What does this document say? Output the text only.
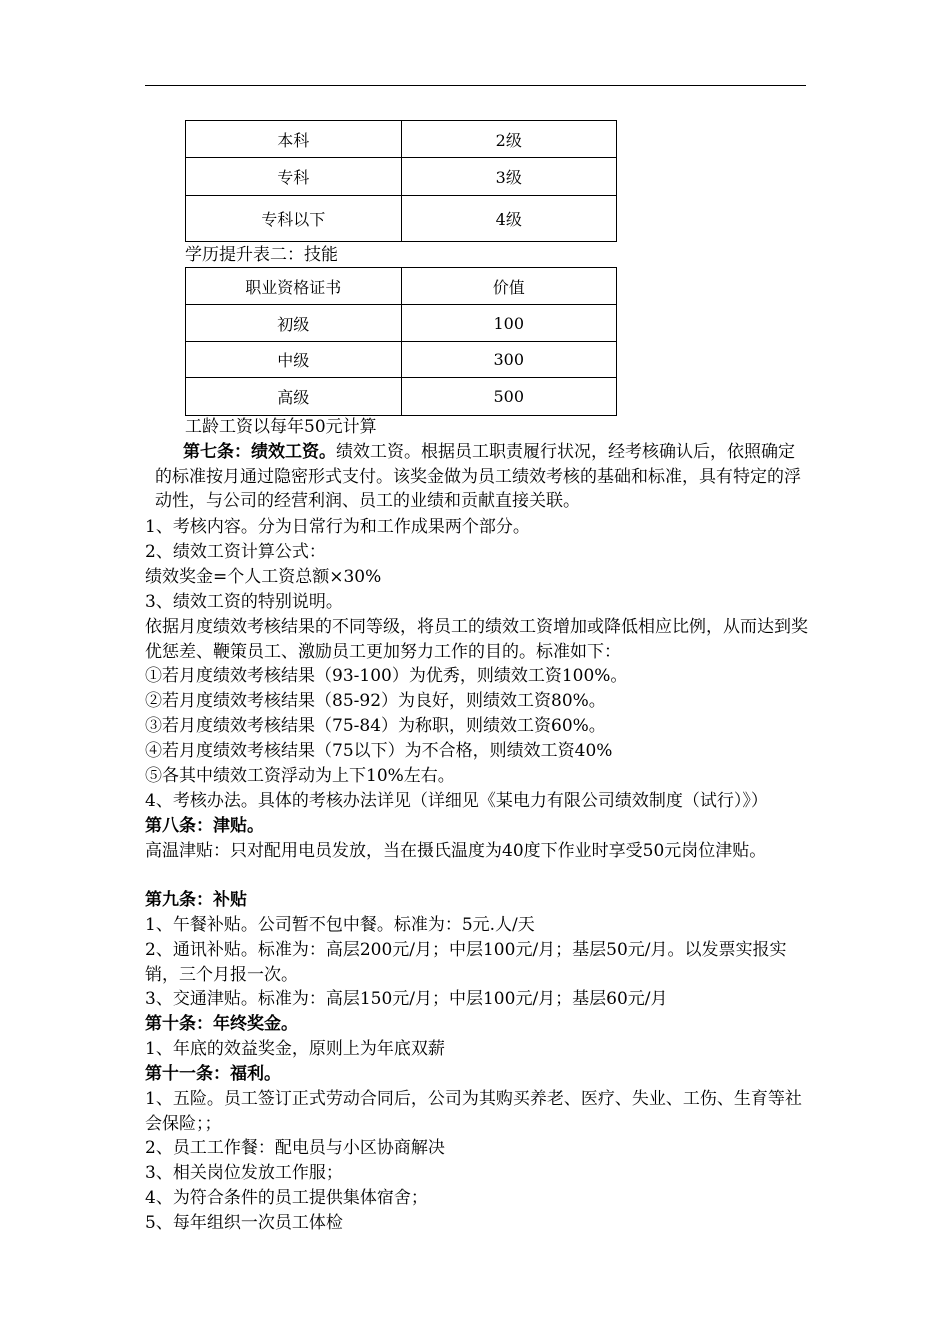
本科	2级
专科	3级
专科以下	4级
学历提升表二：技能
职业资格证书	价值
初级	100
中级	300
高级	500
工龄工资以每年50元计算
第七条：绩效工资。绩效工资。根据员工职责履行状况，经考核确认后，依照确定的标准按月通过隐密形式支付。该奖金做为员工绩效考核的基础和标准，具有特定的浮动性，与公司的经营利润、员工的业绩和贡献直接关联。
1、考核内容。分为日常行为和工作成果两个部分。
2、绩效工资计算公式：
绩效奖金=个人工资总额×30%
3、绩效工资的特别说明。
依据月度绩效考核结果的不同等级，将员工的绩效工资增加或降低相应比例，从而达到奖优惩差、鞭策员工、激励员工更加努力工作的目的。标准如下：
①若月度绩效考核结果（93-100）为优秀，则绩效工资100%。
②若月度绩效考核结果（85-92）为良好，则绩效工资80%。
③若月度绩效考核结果（75-84）为称职，则绩效工资60%。
④若月度绩效考核结果（75以下）为不合格，则绩效工资40%
⑤各其中绩效工资浮动为上下10%左右。
4、考核办法。具体的考核办法详见（详细见《某电力有限公司绩效制度（试行）》）
第八条：津贴。
高温津贴：只对配用电员发放，当在摄氏温度为40度下作业时享受50元岗位津贴。
第九条：补贴
1、午餐补贴。公司暂不包中餐。标准为：5元.人/天
2、通讯补贴。标准为：高层200元/月；中层100元/月；基层50元/月。以发票实报实销，三个月报一次。
3、交通津贴。标准为：高层150元/月；中层100元/月；基层60元/月
第十条：年终奖金。
1、年底的效益奖金，原则上为年底双薪
第十一条：福利。
1、五险。员工签订正式劳动合同后，公司为其购买养老、医疗、失业、工伤、生育等社会保险；；
2、员工工作餐：配电员与小区协商解决
3、相关岗位发放工作服；
4、为符合条件的员工提供集体宿舍；
5、每年组织一次员工体检
